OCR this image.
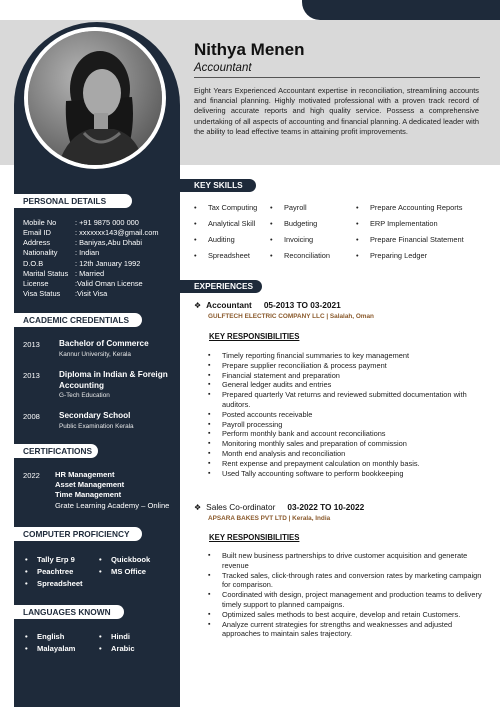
Nithya Menen
Accountant
Eight Years Experienced Accountant expertise in reconciliation, streamlining accounts and financial planning. Highly motivated professional with a proven track record of delivering accurate reports and high quality service. Possess a comprehensive undertaking of all aspects of accounting and financial planning. A dedicated leader with the ability to lead effective teams in attaining profit improvements.
PERSONAL DETAILS
Mobile No	: +91 9875 000 000
Email ID	: xxxxxxx143@gmail.com
Address	: Baniyas,Abu Dhabi
Nationality : Indian
D.O.B	: 12th January 1992
Marital Status : Married
License	:Valid Oman License
Visa Status :Visit Visa
ACADEMIC CREDENTIALS
2013 Bachelor of Commerce
Kannur University, Kerala
2013 Diploma in Indian & Foreign Accounting
G-Tech Education
2008 Secondary School
Public Examination Kerala
CERTIFICATIONS
2022 HR Management
Asset Management
Time Management
Grate Learning Academy – Online
COMPUTER PROFICIENCY
• Tally Erp 9
• Peachtree
• Spreadsheet
• Quickbook
• MS Office
LANGUAGES KNOWN
• English
• Malayalam
• Hindi
• Arabic
KEY SKILLS
• Tax Computing
• Analytical Skill
• Auditing
• Spreadsheet
• Payroll
• Budgeting
• Invoicing
• Reconciliation
• Prepare Accounting Reports
• ERP Implementation
• Prepare Financial Statement
• Preparing Ledger
EXPERIENCES
❖ Accountant 05-2013 TO 03-2021
GULFTECH ELECTRIC COMPANY LLC | Salalah, Oman
KEY RESPONSIBILITIES
▪ Timely reporting financial summaries to key management
▪ Prepare supplier reconciliation & process payment
▪ Financial statement and preparation
▪ General ledger audits and entries
▪ Prepared quarterly Vat returns and reviewed submitted documentation with auditors.
▪ Posted accounts receivable
▪ Payroll processing
▪ Perform monthly bank and account reconciliations
▪ Monitoring monthly sales and preparation of commission
▪ Month end analysis and reconciliation
▪ Rent expense and prepayment calculation on monthly basis.
▪ Used Tally accounting software to perform bookkeeping
❖ Sales Co-ordinator 03-2022 TO 10-2022
APSARA BAKES PVT LTD | Kerala, India
KEY RESPONSIBILITIES
▪ Built new business partnerships to drive customer acquisition and generate revenue
▪ Tracked sales, click-through rates and conversion rates by marketing campaign for comparison.
▪ Coordinated with design, project management and production teams to delivery timely support to planned campaigns.
▪ Optimized sales methods to best acquire, develop and retain Customers.
▪ Analyze current strategies for strengths and weaknesses and adjusted approaches to maintain sales trajectory.
